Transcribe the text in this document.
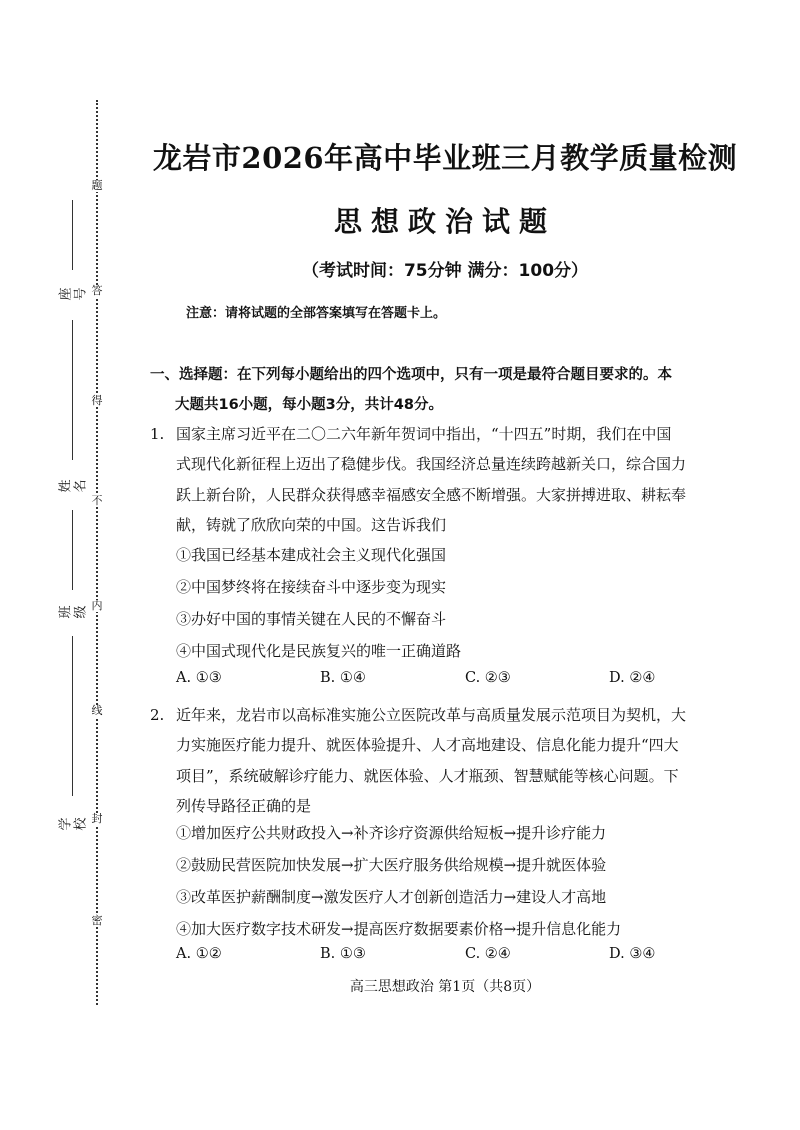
题
答
得
不
内
线
封
密
座号
姓名
班级
学校
龙岩市2026年高中毕业班三月教学质量检测
思想政治试题
（考试时间：75分钟 满分：100分）
注意：请将试题的全部答案填写在答题卡上。
一、选择题：在下列每小题给出的四个选项中，只有一项是最符合题目要求的。本
大题共16小题，每小题3分，共计48分。
1. 国家主席习近平在二〇二六年新年贺词中指出，“十四五”时期，我们在中国
式现代化新征程上迈出了稳健步伐。我国经济总量连续跨越新关口，综合国力
跃上新台阶，人民群众获得感幸福感安全感不断增强。大家拼搏进取、耕耘奉
献，铸就了欣欣向荣的中国。这告诉我们
①我国已经基本建成社会主义现代化强国
②中国梦终将在接续奋斗中逐步变为现实
③办好中国的事情关键在人民的不懈奋斗
④中国式现代化是民族复兴的唯一正确道路
A. ①③	B. ①④	C. ②③	D. ②④
2. 近年来，龙岩市以高标准实施公立医院改革与高质量发展示范项目为契机，大
力实施医疗能力提升、就医体验提升、人才高地建设、信息化能力提升“四大
项目”，系统破解诊疗能力、就医体验、人才瓶颈、智慧赋能等核心问题。下
列传导路径正确的是
①增加医疗公共财政投入→补齐诊疗资源供给短板→提升诊疗能力
②鼓励民营医院加快发展→扩大医疗服务供给规模→提升就医体验
③改革医护薪酬制度→激发医疗人才创新创造活力→建设人才高地
④加大医疗数字技术研发→提高医疗数据要素价格→提升信息化能力
A. ①②	B. ①③	C. ②④	D. ③④
高三思想政治 第1页（共8页）
